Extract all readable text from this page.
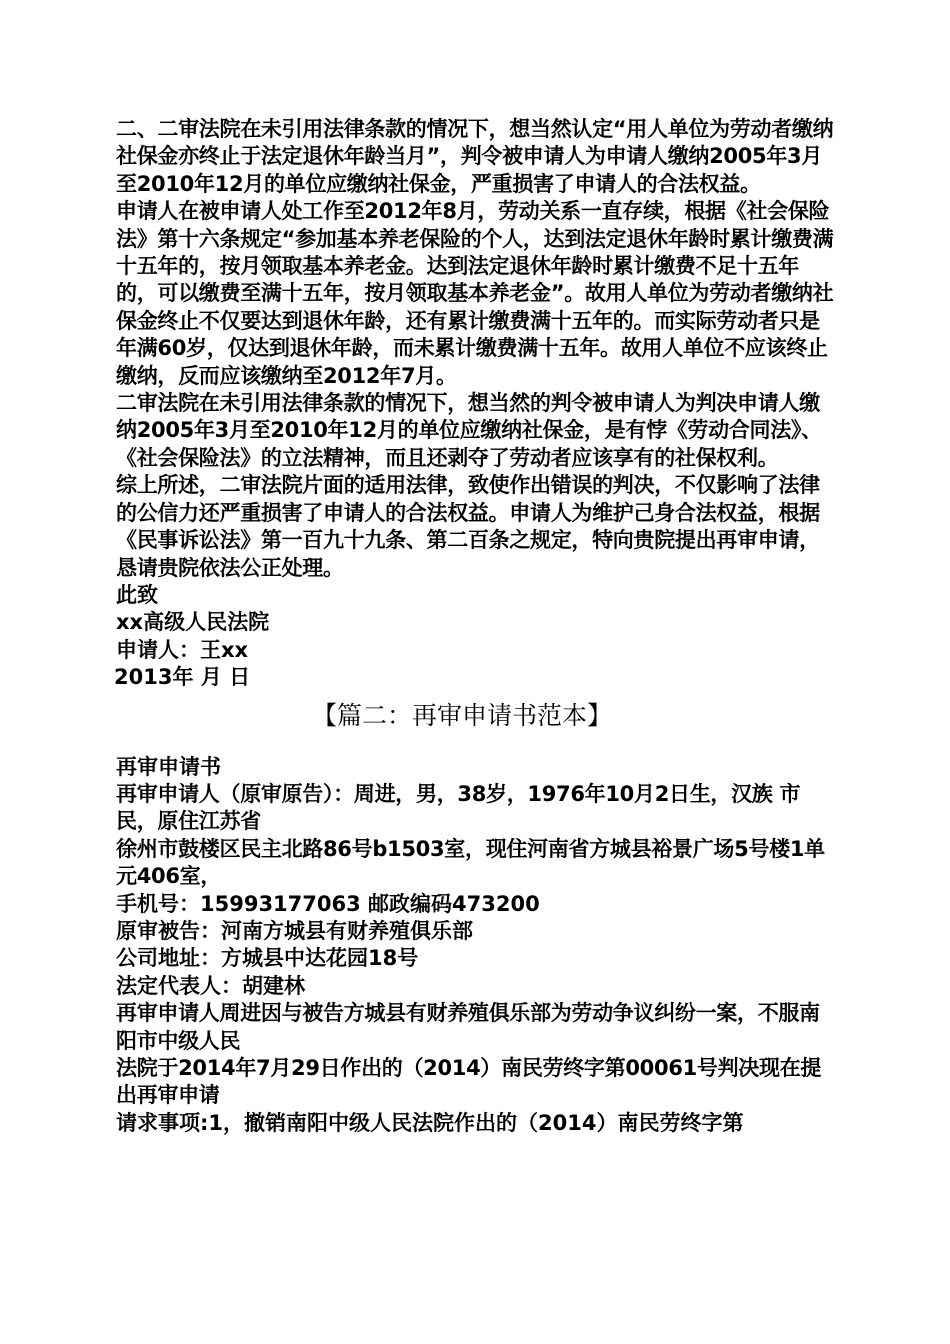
二、二审法院在未引用法律条款的情况下，想当然认定“用人单位为劳动者缴纳社保金亦终止于法定退休年龄当月”，判令被申请人为申请人缴纳2005年3月至2010年12月的单位应缴纳社保金，严重损害了申请人的合法权益。

申请人在被申请人处工作至2012年8月，劳动关系一直存续，根据《社会保险法》第十六条规定“参加基本养老保险的个人，达到法定退休年龄时累计缴费满十五年的，按月领取基本养老金。达到法定退休年龄时累计缴费不足十五年的，可以缴费至满十五年，按月领取基本养老金”。故用人单位为劳动者缴纳社保金终止不仅要达到退休年龄，还有累计缴费满十五年的。而实际劳动者只是年满60岁，仅达到退休年龄，而未累计缴费满十五年。故用人单位不应该终止缴纳，反而应该缴纳至2012年7月。

二审法院在未引用法律条款的情况下，想当然的判令被申请人为判决申请人缴纳2005年3月至2010年12月的单位应缴纳社保金，是有悖《劳动合同法》、《社会保险法》的立法精神，而且还剥夺了劳动者应该享有的社保权利。

综上所述，二审法院片面的适用法律，致使作出错误的判决，不仅影响了法律的公信力还严重损害了申请人的合法权益。申请人为维护己身合法权益，根据《民事诉讼法》第一百九十九条、第二百条之规定，特向贵院提出再审申请，恳请贵院依法公正处理。

此致

xx高级人民法院

申请人：王xx

2013年 月 日

【篇二：再审申请书范本】

再审申请书

再审申请人（原审原告）：周进，男，38岁，1976年10月2日生，汉族 市民，原住江苏省

徐州市鼓楼区民主北路86号b1503室，现住河南省方城县裕景广场5号楼1单元406室，

手机号：15993177063 邮政编码473200

原审被告：河南方城县有财养殖俱乐部

公司地址：方城县中达花园18号

法定代表人：胡建林

再审申请人周进因与被告方城县有财养殖俱乐部为劳动争议纠纷一案，不服南阳市中级人民

法院于2014年7月29日作出的（2014）南民劳终字第00061号判决现在提出再审申请

请求事项:1，撤销南阳中级人民法院作出的（2014）南民劳终字第
